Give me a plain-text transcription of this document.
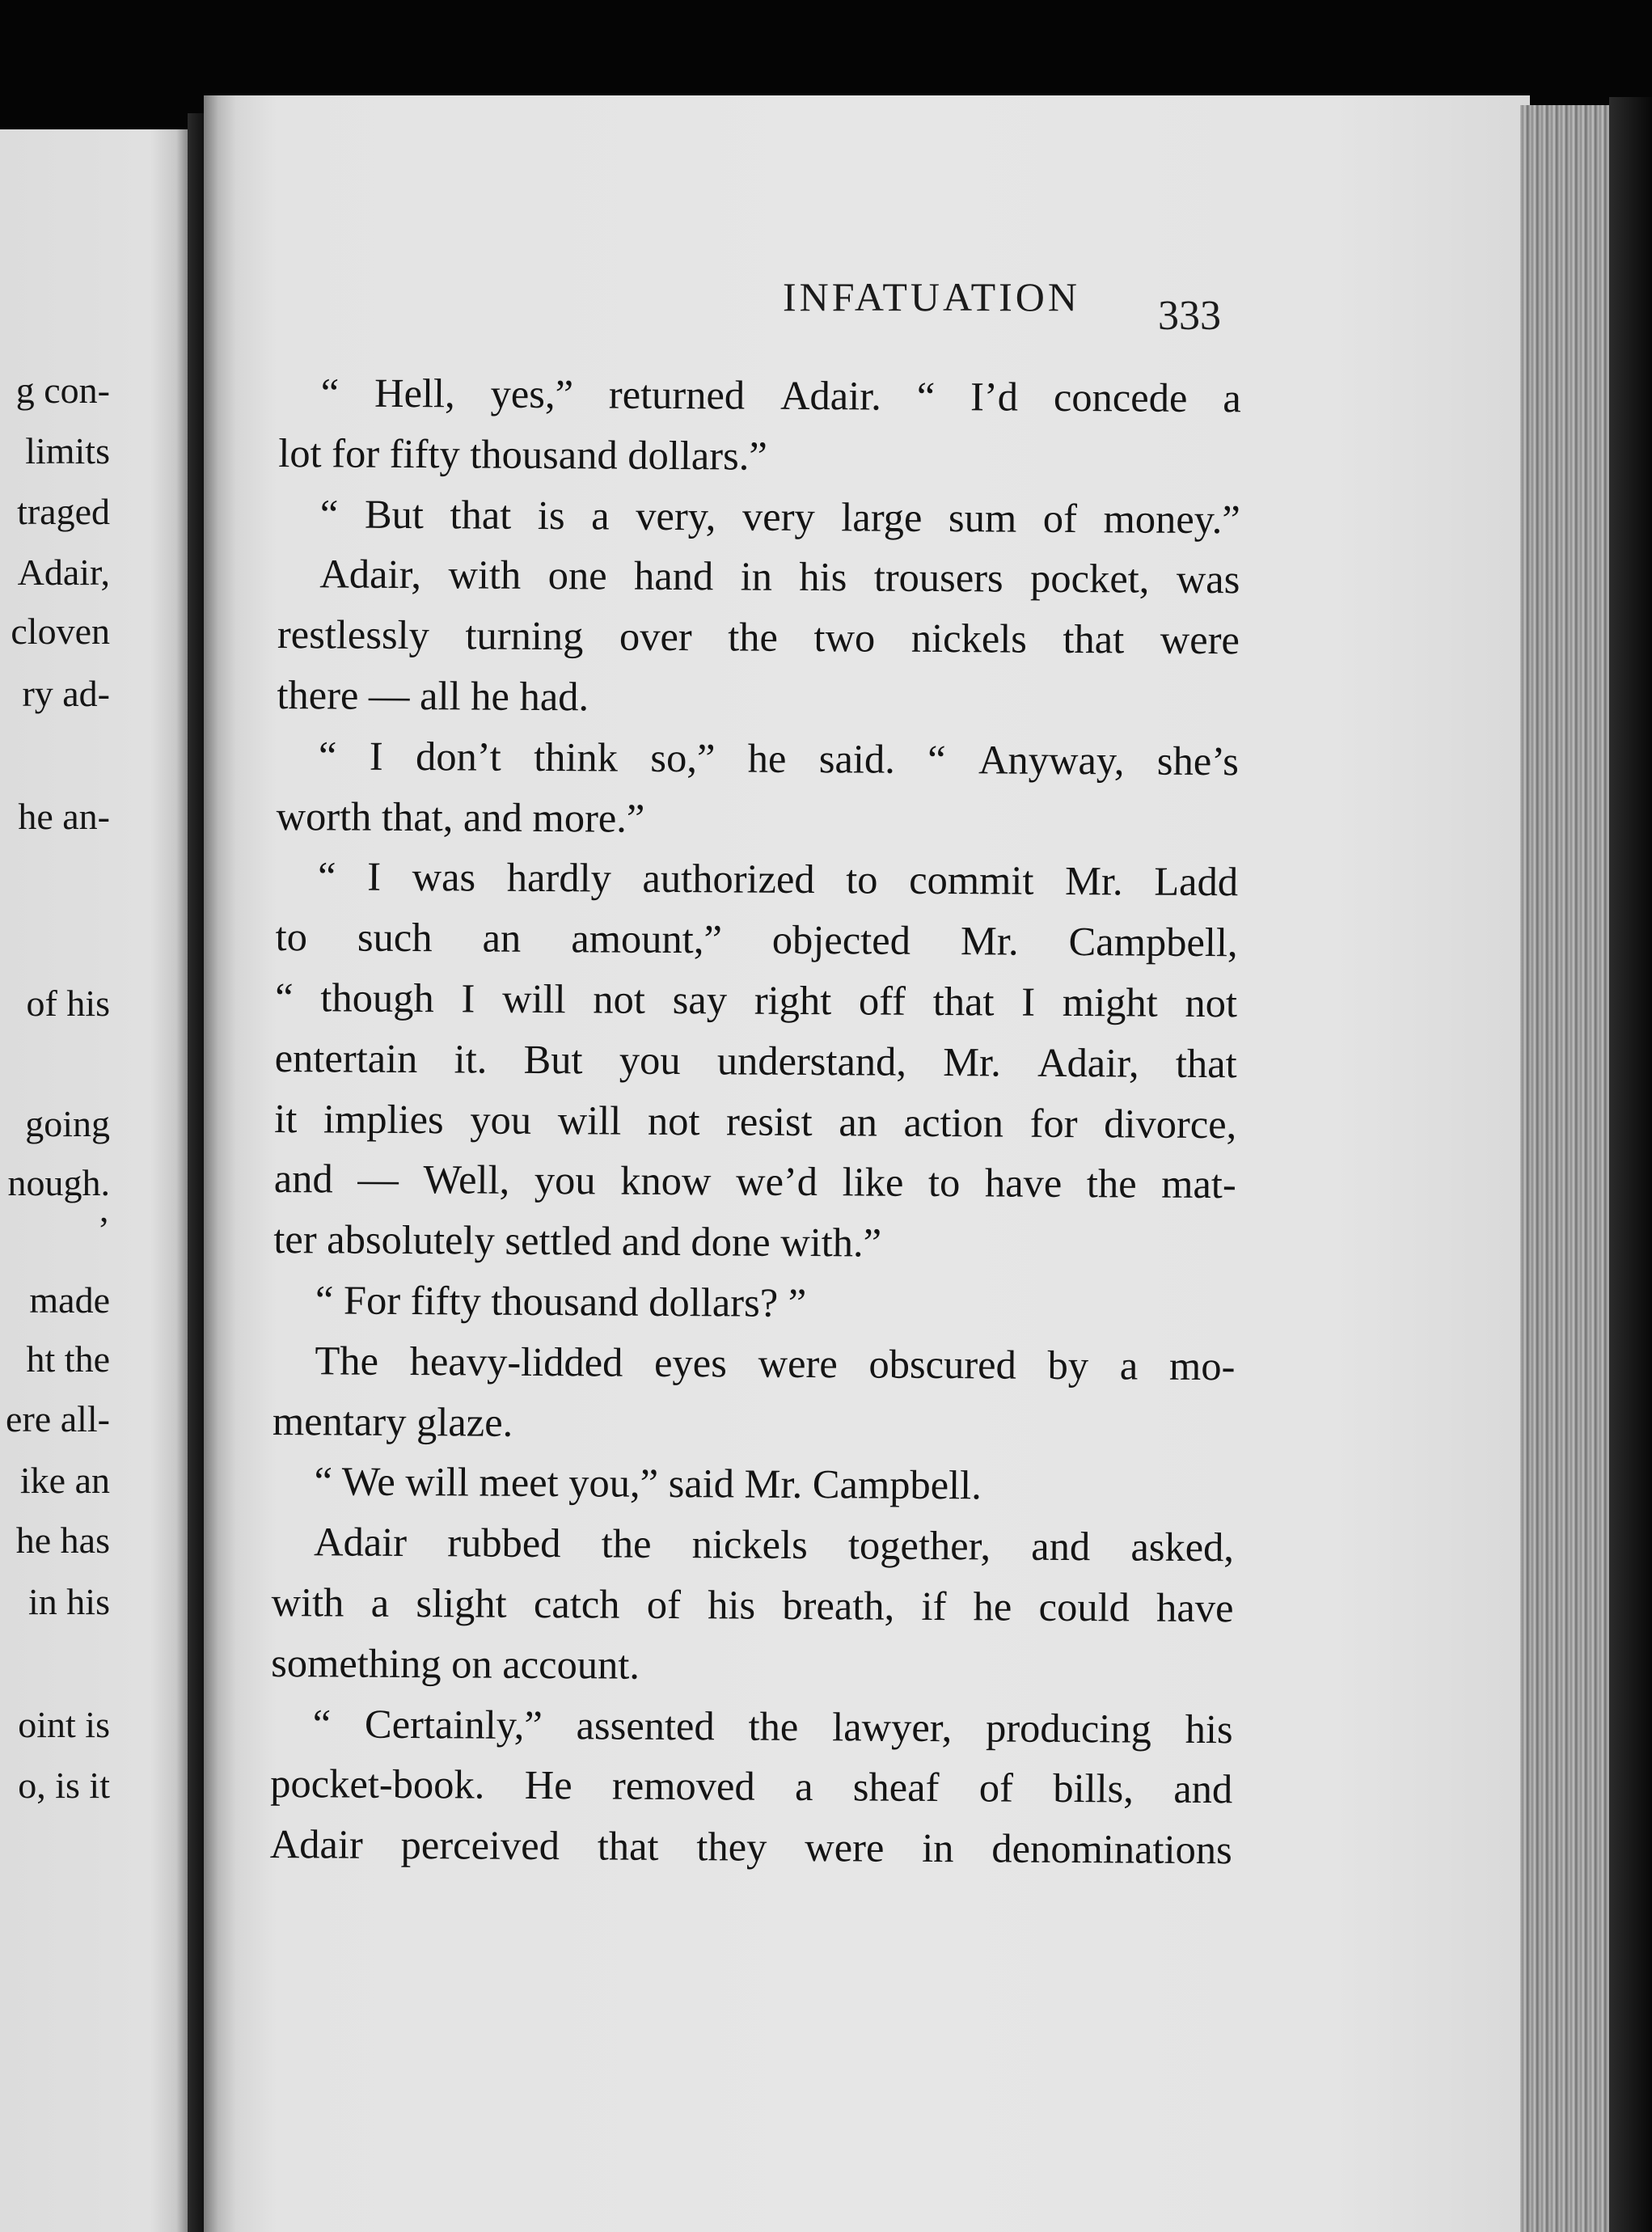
g con-
limits
traged
Adair,
cloven
ry ad-
he an-
of his
going
nough.
’
made
ht the
ere all-
ike an
he has
in his
oint is
o, is it
INFATUATION	333
“ Hell, yes,” returned Adair. “ I’d concede a
lot for fifty thousand dollars.”
“ But that is a very, very large sum of money.”
Adair, with one hand in his trousers pocket, was
restlessly turning over the two nickels that were
there — all he had.
“ I don’t think so,” he said. “ Anyway, she’s
worth that, and more.”
“ I was hardly authorized to commit Mr. Ladd
to such an amount,” objected Mr. Campbell,
“ though I will not say right off that I might not
entertain it. But you understand, Mr. Adair, that
it implies you will not resist an action for divorce,
and — Well, you know we’d like to have the mat-
ter absolutely settled and done with.”
“ For fifty thousand dollars? ”
The heavy-lidded eyes were obscured by a mo-
mentary glaze.
“ We will meet you,” said Mr. Campbell.
Adair rubbed the nickels together, and asked,
with a slight catch of his breath, if he could have
something on account.
“ Certainly,” assented the lawyer, producing his
pocket-book. He removed a sheaf of bills, and
Adair perceived that they were in denominations
